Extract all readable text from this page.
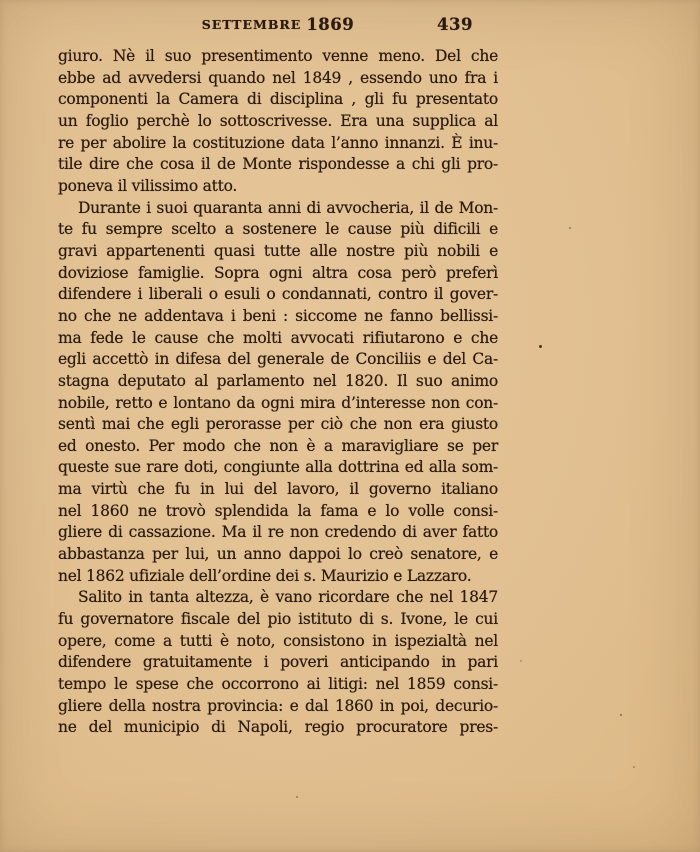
SETTEMBRE 1869	439
giuro. Nè il suo presentimento venne meno. Del che
ebbe ad avvedersi quando nel 1849 , essendo uno fra i
componenti la Camera di disciplina , gli fu presentato
un foglio perchè lo sottoscrivesse. Era una supplica al
re per abolire la costituzione data l’anno innanzi. È inu-
tile dire che cosa il de Monte rispondesse a chi gli pro-
poneva il vilissimo atto.
Durante i suoi quaranta anni di avvocheria, il de Mon-
te fu sempre scelto a sostenere le cause più dificili e
gravi appartenenti quasi tutte alle nostre più nobili e
doviziose famiglie. Sopra ogni altra cosa però preferì
difendere i liberali o esuli o condannati, contro il gover-
no che ne addentava i beni : siccome ne fanno bellissi-
ma fede le cause che molti avvocati rifiutarono e che
egli accettò in difesa del generale de Conciliis e del Ca-
stagna deputato al parlamento nel 1820. Il suo animo
nobile, retto e lontano da ogni mira d’interesse non con-
sentì mai che egli perorasse per ciò che non era giusto
ed onesto. Per modo che non è a maravigliare se per
queste sue rare doti, congiunte alla dottrina ed alla som-
ma virtù che fu in lui del lavoro, il governo italiano
nel 1860 ne trovò splendida la fama e lo volle consi-
gliere di cassazione. Ma il re non credendo di aver fatto
abbastanza per lui, un anno dappoi lo creò senatore, e
nel 1862 ufiziale dell’ordine dei s. Maurizio e Lazzaro.
Salito in tanta altezza, è vano ricordare che nel 1847
fu governatore fiscale del pio istituto di s. Ivone, le cui
opere, come a tutti è noto, consistono in ispezialtà nel
difendere gratuitamente i poveri anticipando in pari
tempo le spese che occorrono ai litigi: nel 1859 consi-
gliere della nostra provincia: e dal 1860 in poi, decurio-
ne del municipio di Napoli, regio procuratore pres-
